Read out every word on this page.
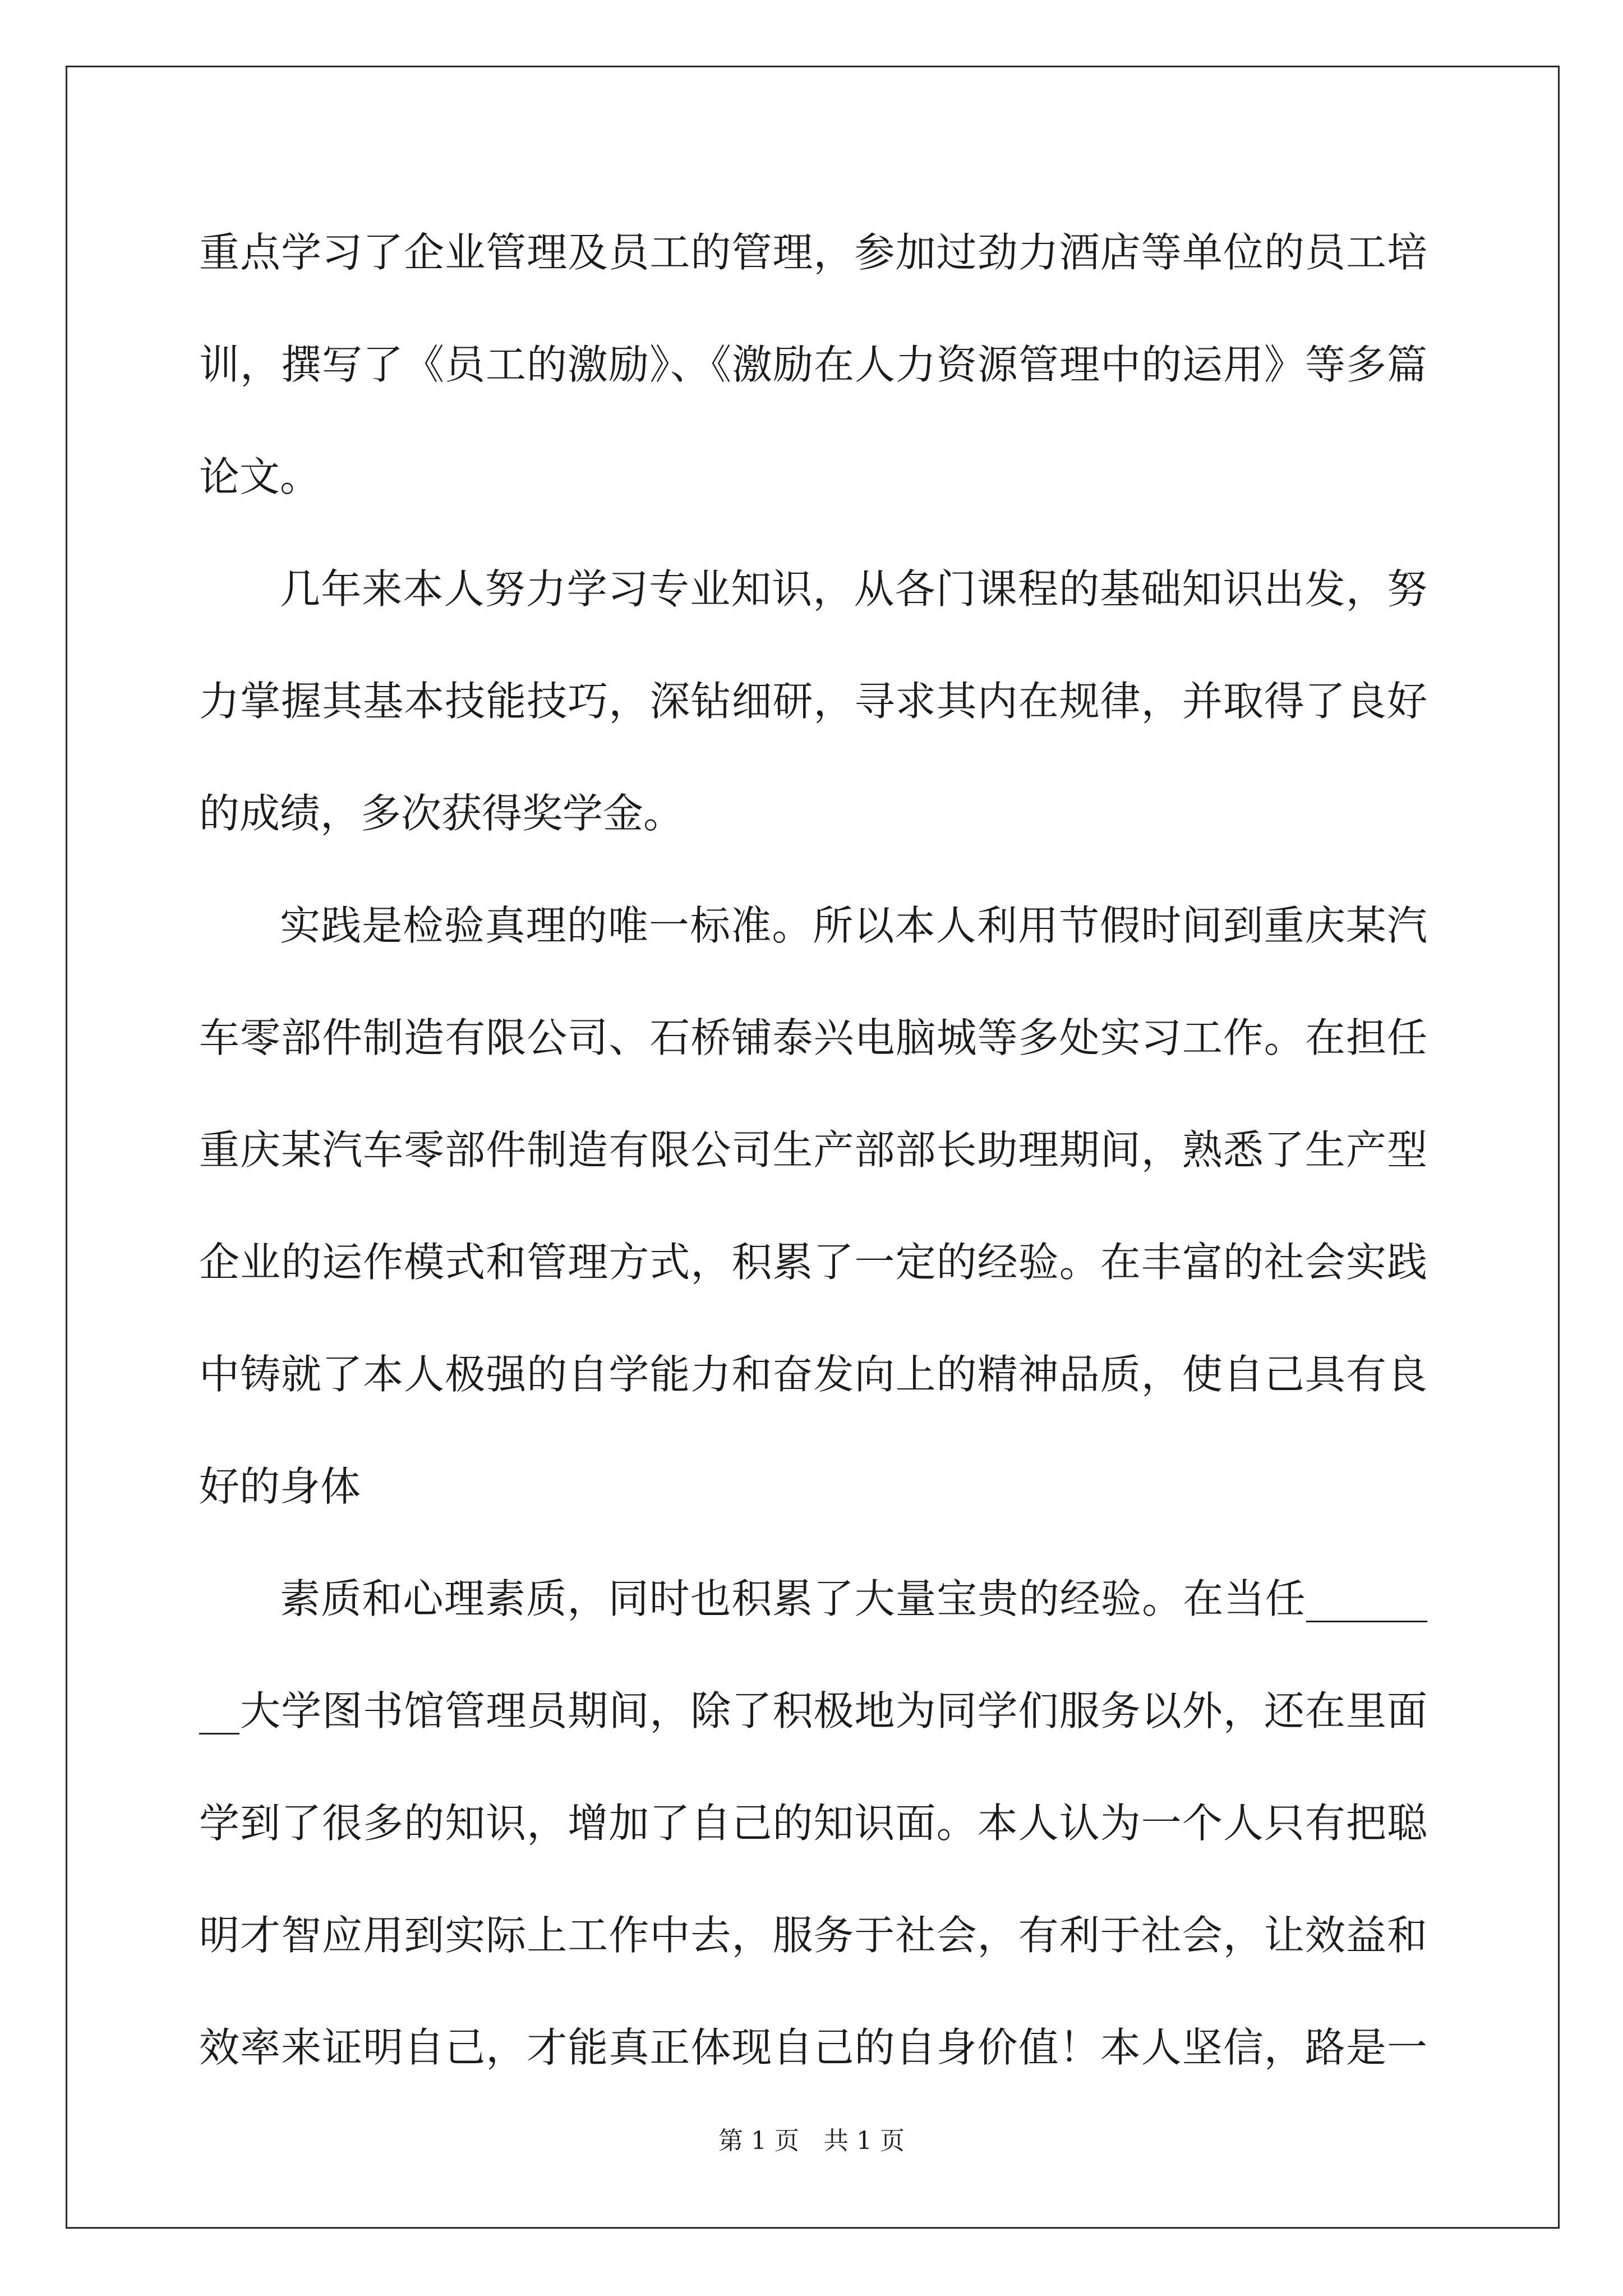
重点学习了企业管理及员工的管理，参加过劲力酒店等单位的员工培
训，撰写了《员工的激励》、《激励在人力资源管理中的运用》等多篇
论文。
几年来本人努力学习专业知识，从各门课程的基础知识出发，努
力掌握其基本技能技巧，深钻细研，寻求其内在规律，并取得了良好
的成绩，多次获得奖学金。
实践是检验真理的唯一标准。所以本人利用节假时间到重庆某汽
车零部件制造有限公司、石桥铺泰兴电脑城等多处实习工作。在担任
重庆某汽车零部件制造有限公司生产部部长助理期间，熟悉了生产型
企业的运作模式和管理方式，积累了一定的经验。在丰富的社会实践
中铸就了本人极强的自学能力和奋发向上的精神品质，使自己具有良
好的身体
素质和心理素质，同时也积累了大量宝贵的经验。在当任______
__大学图书馆管理员期间，除了积极地为同学们服务以外，还在里面
学到了很多的知识，增加了自己的知识面。本人认为一个人只有把聪
明才智应用到实际上工作中去，服务于社会，有利于社会，让效益和
效率来证明自己，才能真正体现自己的自身价值！本人坚信，路是一
第 1 页　共 1 页
